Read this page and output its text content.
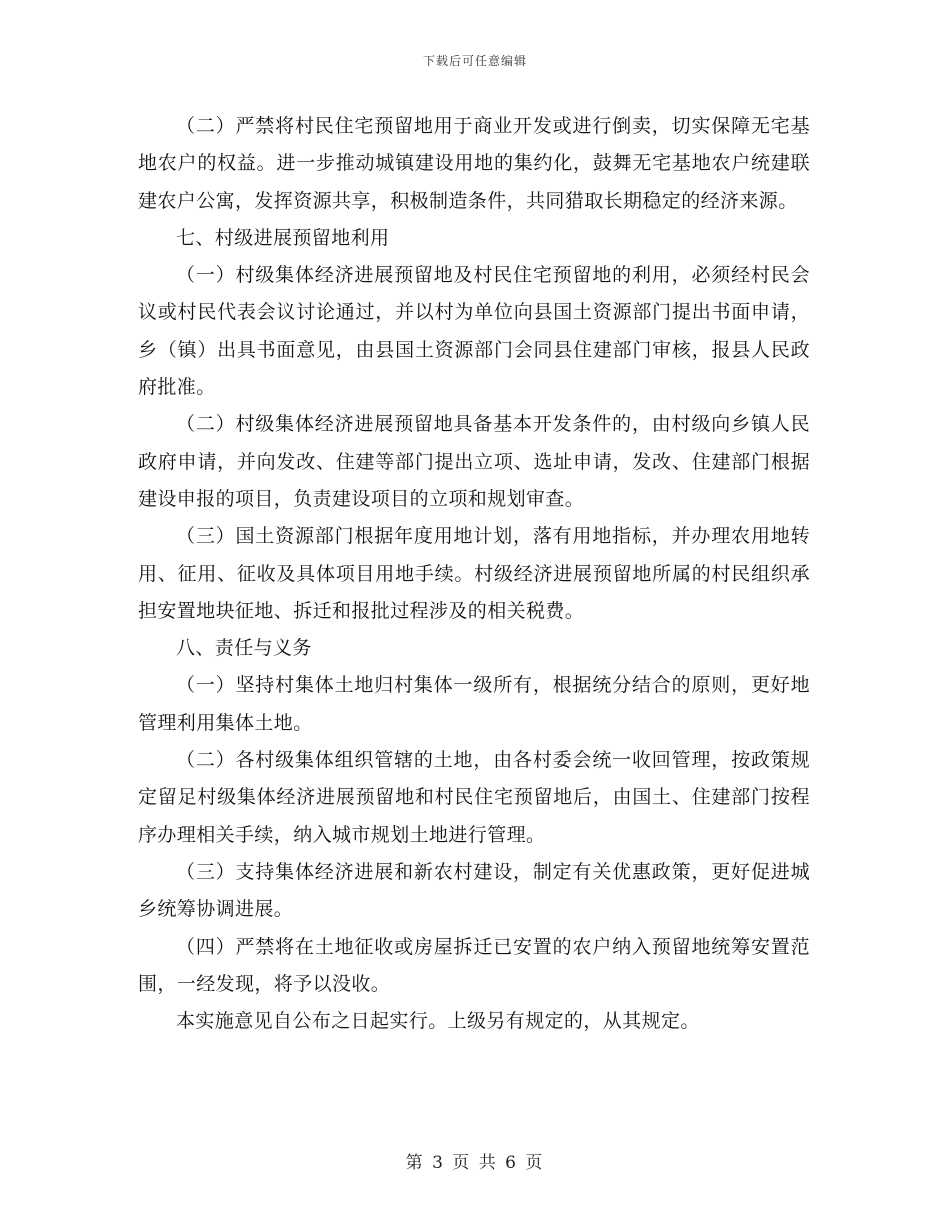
下载后可任意编辑

（二）严禁将村民住宅预留地用于商业开发或进行倒卖，切实保障无宅基地农户的权益。进一步推动城镇建设用地的集约化，鼓舞无宅基地农户统建联建农户公寓，发挥资源共享，积极制造条件，共同猎取长期稳定的经济来源。

七、村级进展预留地利用

（一）村级集体经济进展预留地及村民住宅预留地的利用，必须经村民会议或村民代表会议讨论通过，并以村为单位向县国土资源部门提出书面申请，乡（镇）出具书面意见，由县国土资源部门会同县住建部门审核，报县人民政府批准。

（二）村级集体经济进展预留地具备基本开发条件的，由村级向乡镇人民政府申请，并向发改、住建等部门提出立项、选址申请，发改、住建部门根据建设申报的项目，负责建设项目的立项和规划审查。

（三）国土资源部门根据年度用地计划，落有用地指标，并办理农用地转用、征用、征收及具体项目用地手续。村级经济进展预留地所属的村民组织承担安置地块征地、拆迁和报批过程涉及的相关税费。

八、责任与义务

（一）坚持村集体土地归村集体一级所有，根据统分结合的原则，更好地管理利用集体土地。

（二）各村级集体组织管辖的土地，由各村委会统一收回管理，按政策规定留足村级集体经济进展预留地和村民住宅预留地后，由国土、住建部门按程序办理相关手续，纳入城市规划土地进行管理。

（三）支持集体经济进展和新农村建设，制定有关优惠政策，更好促进城乡统筹协调进展。

（四）严禁将在土地征收或房屋拆迁已安置的农户纳入预留地统筹安置范围，一经发现，将予以没收。

本实施意见自公布之日起实行。上级另有规定的，从其规定。

第 3 页 共 6 页
